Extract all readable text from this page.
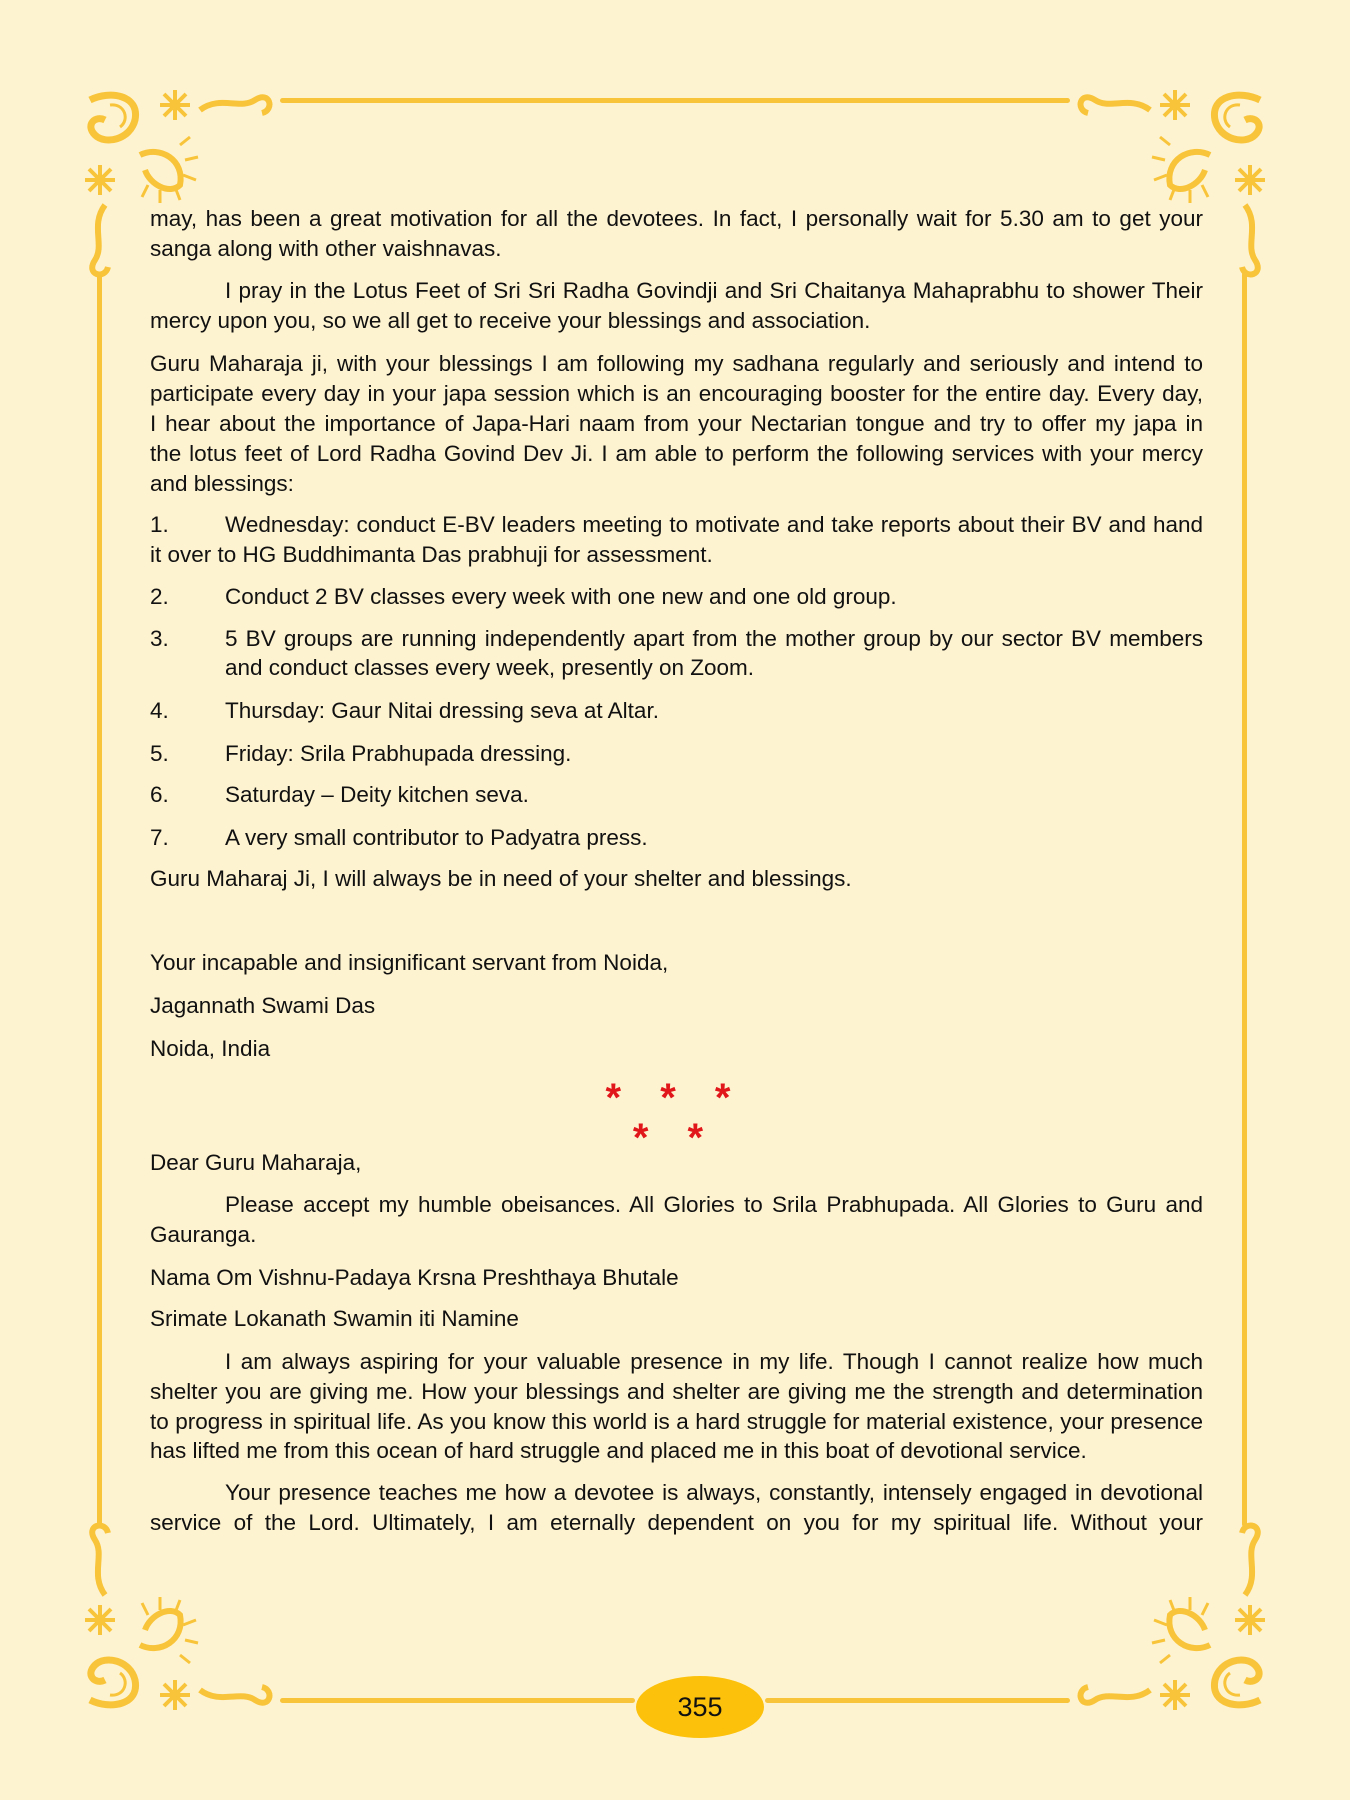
may, has been a great motivation for all the devotees. In fact, I personally wait for 5.30 am to get your
sanga along with other vaishnavas.
I pray in the Lotus Feet of Sri Sri Radha Govindji and Sri Chaitanya Mahaprabhu to shower Their
mercy upon you, so we all get to receive your blessings and association.
Guru Maharaja ji, with your blessings I am following my sadhana regularly and seriously and intend to
participate every day in your japa session which is an encouraging booster for the entire day. Every day,
I hear about the importance of Japa-Hari naam from your Nectarian tongue and try to offer my japa in
the lotus feet of Lord Radha Govind Dev Ji. I am able to perform the following services with your mercy
and blessings:
1. Wednesday: conduct E-BV leaders meeting to motivate and take reports about their BV and hand
it over to HG Buddhimanta Das prabhuji for assessment.
2. Conduct 2 BV classes every week with one new and one old group.
3. 5 BV groups are running independently apart from the mother group by our sector BV members
and conduct classes every week, presently on Zoom.
4. Thursday: Gaur Nitai dressing seva at Altar.
5. Friday: Srila Prabhupada dressing.
6. Saturday – Deity kitchen seva.
7. A very small contributor to Padyatra press.
Guru Maharaj Ji, I will always be in need of your shelter and blessings.
Your incapable and insignificant servant from Noida,
Jagannath Swami Das
Noida, India
* * * * *
Dear Guru Maharaja,
Please accept my humble obeisances. All Glories to Srila Prabhupada. All Glories to Guru and
Gauranga.
Nama Om Vishnu-Padaya Krsna Preshthaya Bhutale
Srimate Lokanath Swamin iti Namine
I am always aspiring for your valuable presence in my life. Though I cannot realize how much
shelter you are giving me. How your blessings and shelter are giving me the strength and determination
to progress in spiritual life. As you know this world is a hard struggle for material existence, your presence
has lifted me from this ocean of hard struggle and placed me in this boat of devotional service.
Your presence teaches me how a devotee is always, constantly, intensely engaged in devotional
service of the Lord. Ultimately, I am eternally dependent on you for my spiritual life. Without your
355
